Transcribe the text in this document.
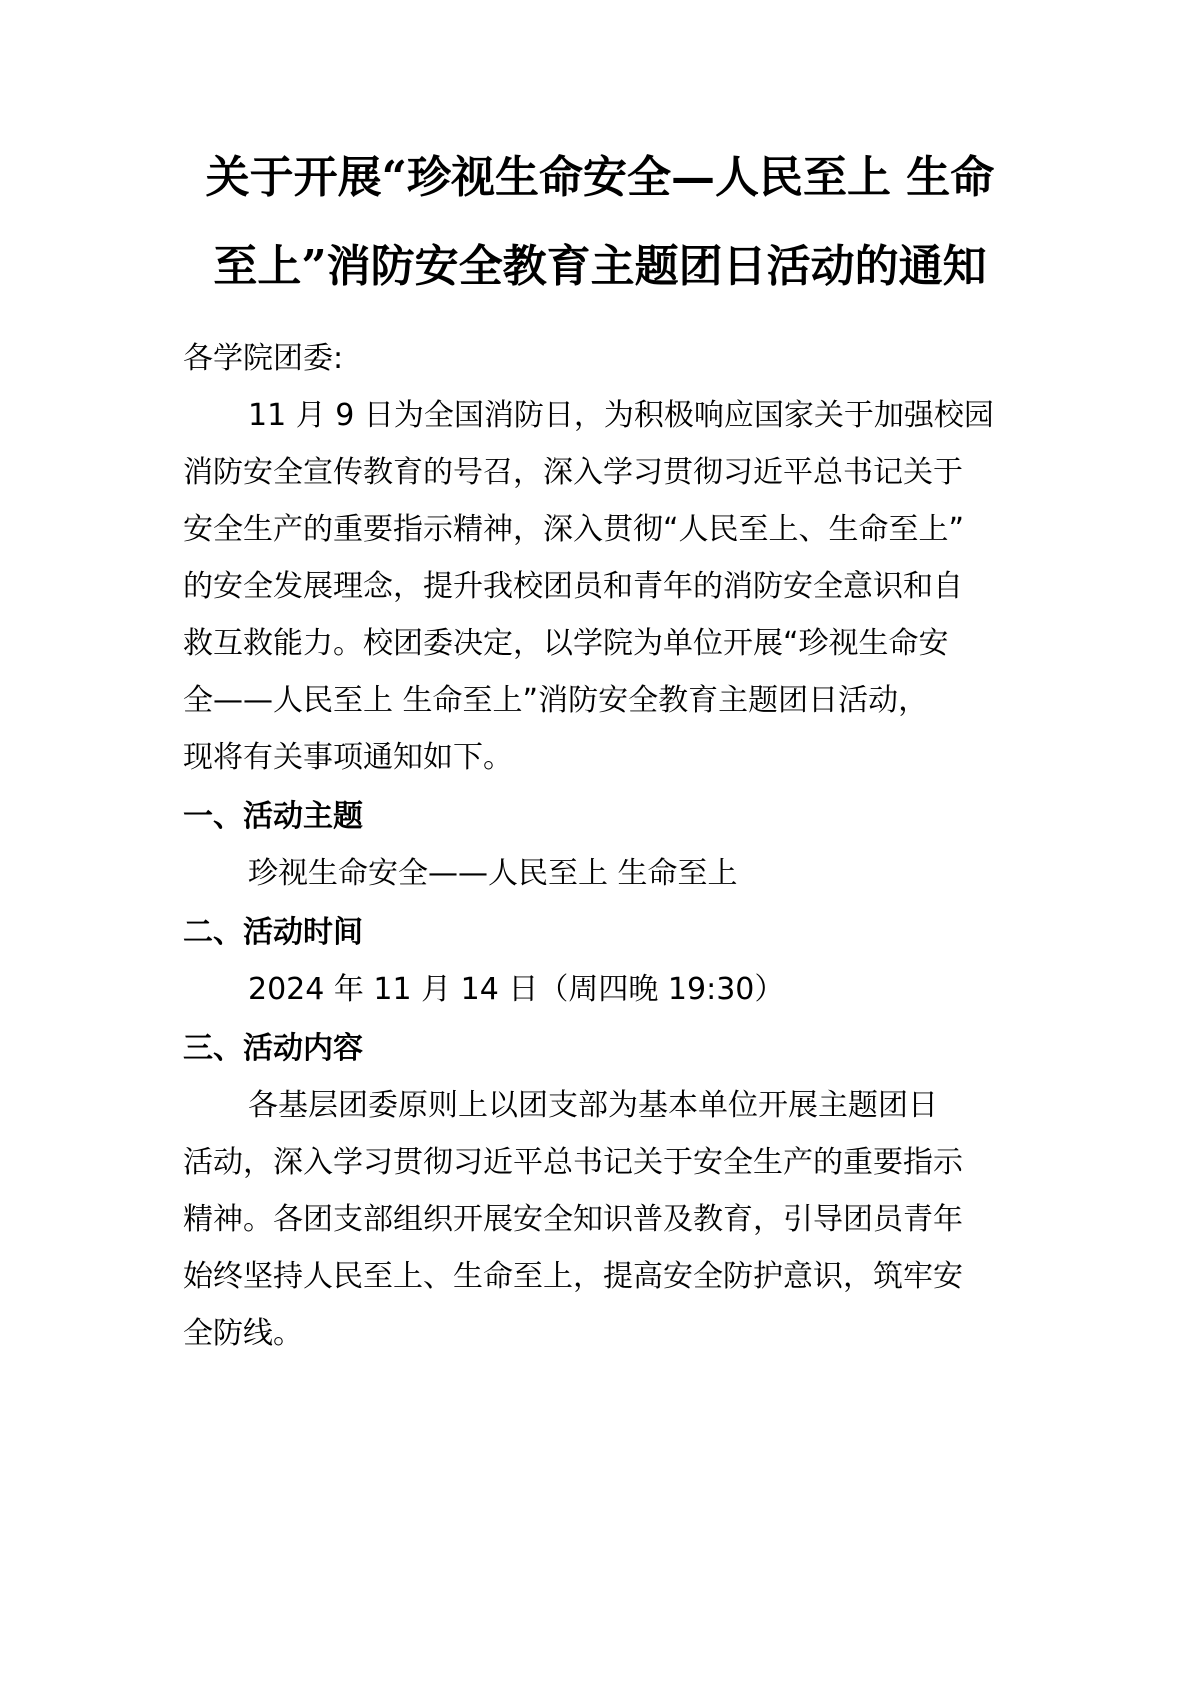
关于开展“珍视生命安全—人民至上 生命
至上”消防安全教育主题团日活动的通知
各学院团委:
11 月 9 日为全国消防日，为积极响应国家关于加强校园
消防安全宣传教育的号召，深入学习贯彻习近平总书记关于
安全生产的重要指示精神，深入贯彻“人民至上、生命至上”
的安全发展理念，提升我校团员和青年的消防安全意识和自
救互救能力。校团委决定，以学院为单位开展“珍视生命安
全——人民至上 生命至上”消防安全教育主题团日活动，
现将有关事项通知如下。
一、活动主题
珍视生命安全——人民至上 生命至上
二、活动时间
2024 年 11 月 14 日（周四晚 19:30）
三、活动内容
各基层团委原则上以团支部为基本单位开展主题团日
活动，深入学习贯彻习近平总书记关于安全生产的重要指示
精神。各团支部组织开展安全知识普及教育，引导团员青年
始终坚持人民至上、生命至上，提高安全防护意识，筑牢安
全防线。
